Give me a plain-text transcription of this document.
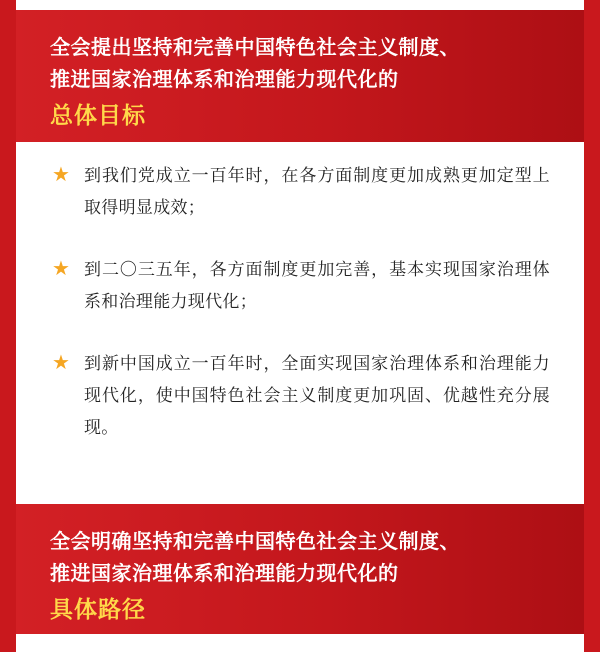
全会提出坚持和完善中国特色社会主义制度、
推进国家治理体系和治理能力现代化的
总体目标
★ 到我们党成立一百年时，在各方面制度更加成熟更加定型上取得明显成效；
★ 到二〇三五年，各方面制度更加完善，基本实现国家治理体系和治理能力现代化；
★ 到新中国成立一百年时，全面实现国家治理体系和治理能力现代化，使中国特色社会主义制度更加巩固、优越性充分展现。
全会明确坚持和完善中国特色社会主义制度、
推进国家治理体系和治理能力现代化的
具体路径
